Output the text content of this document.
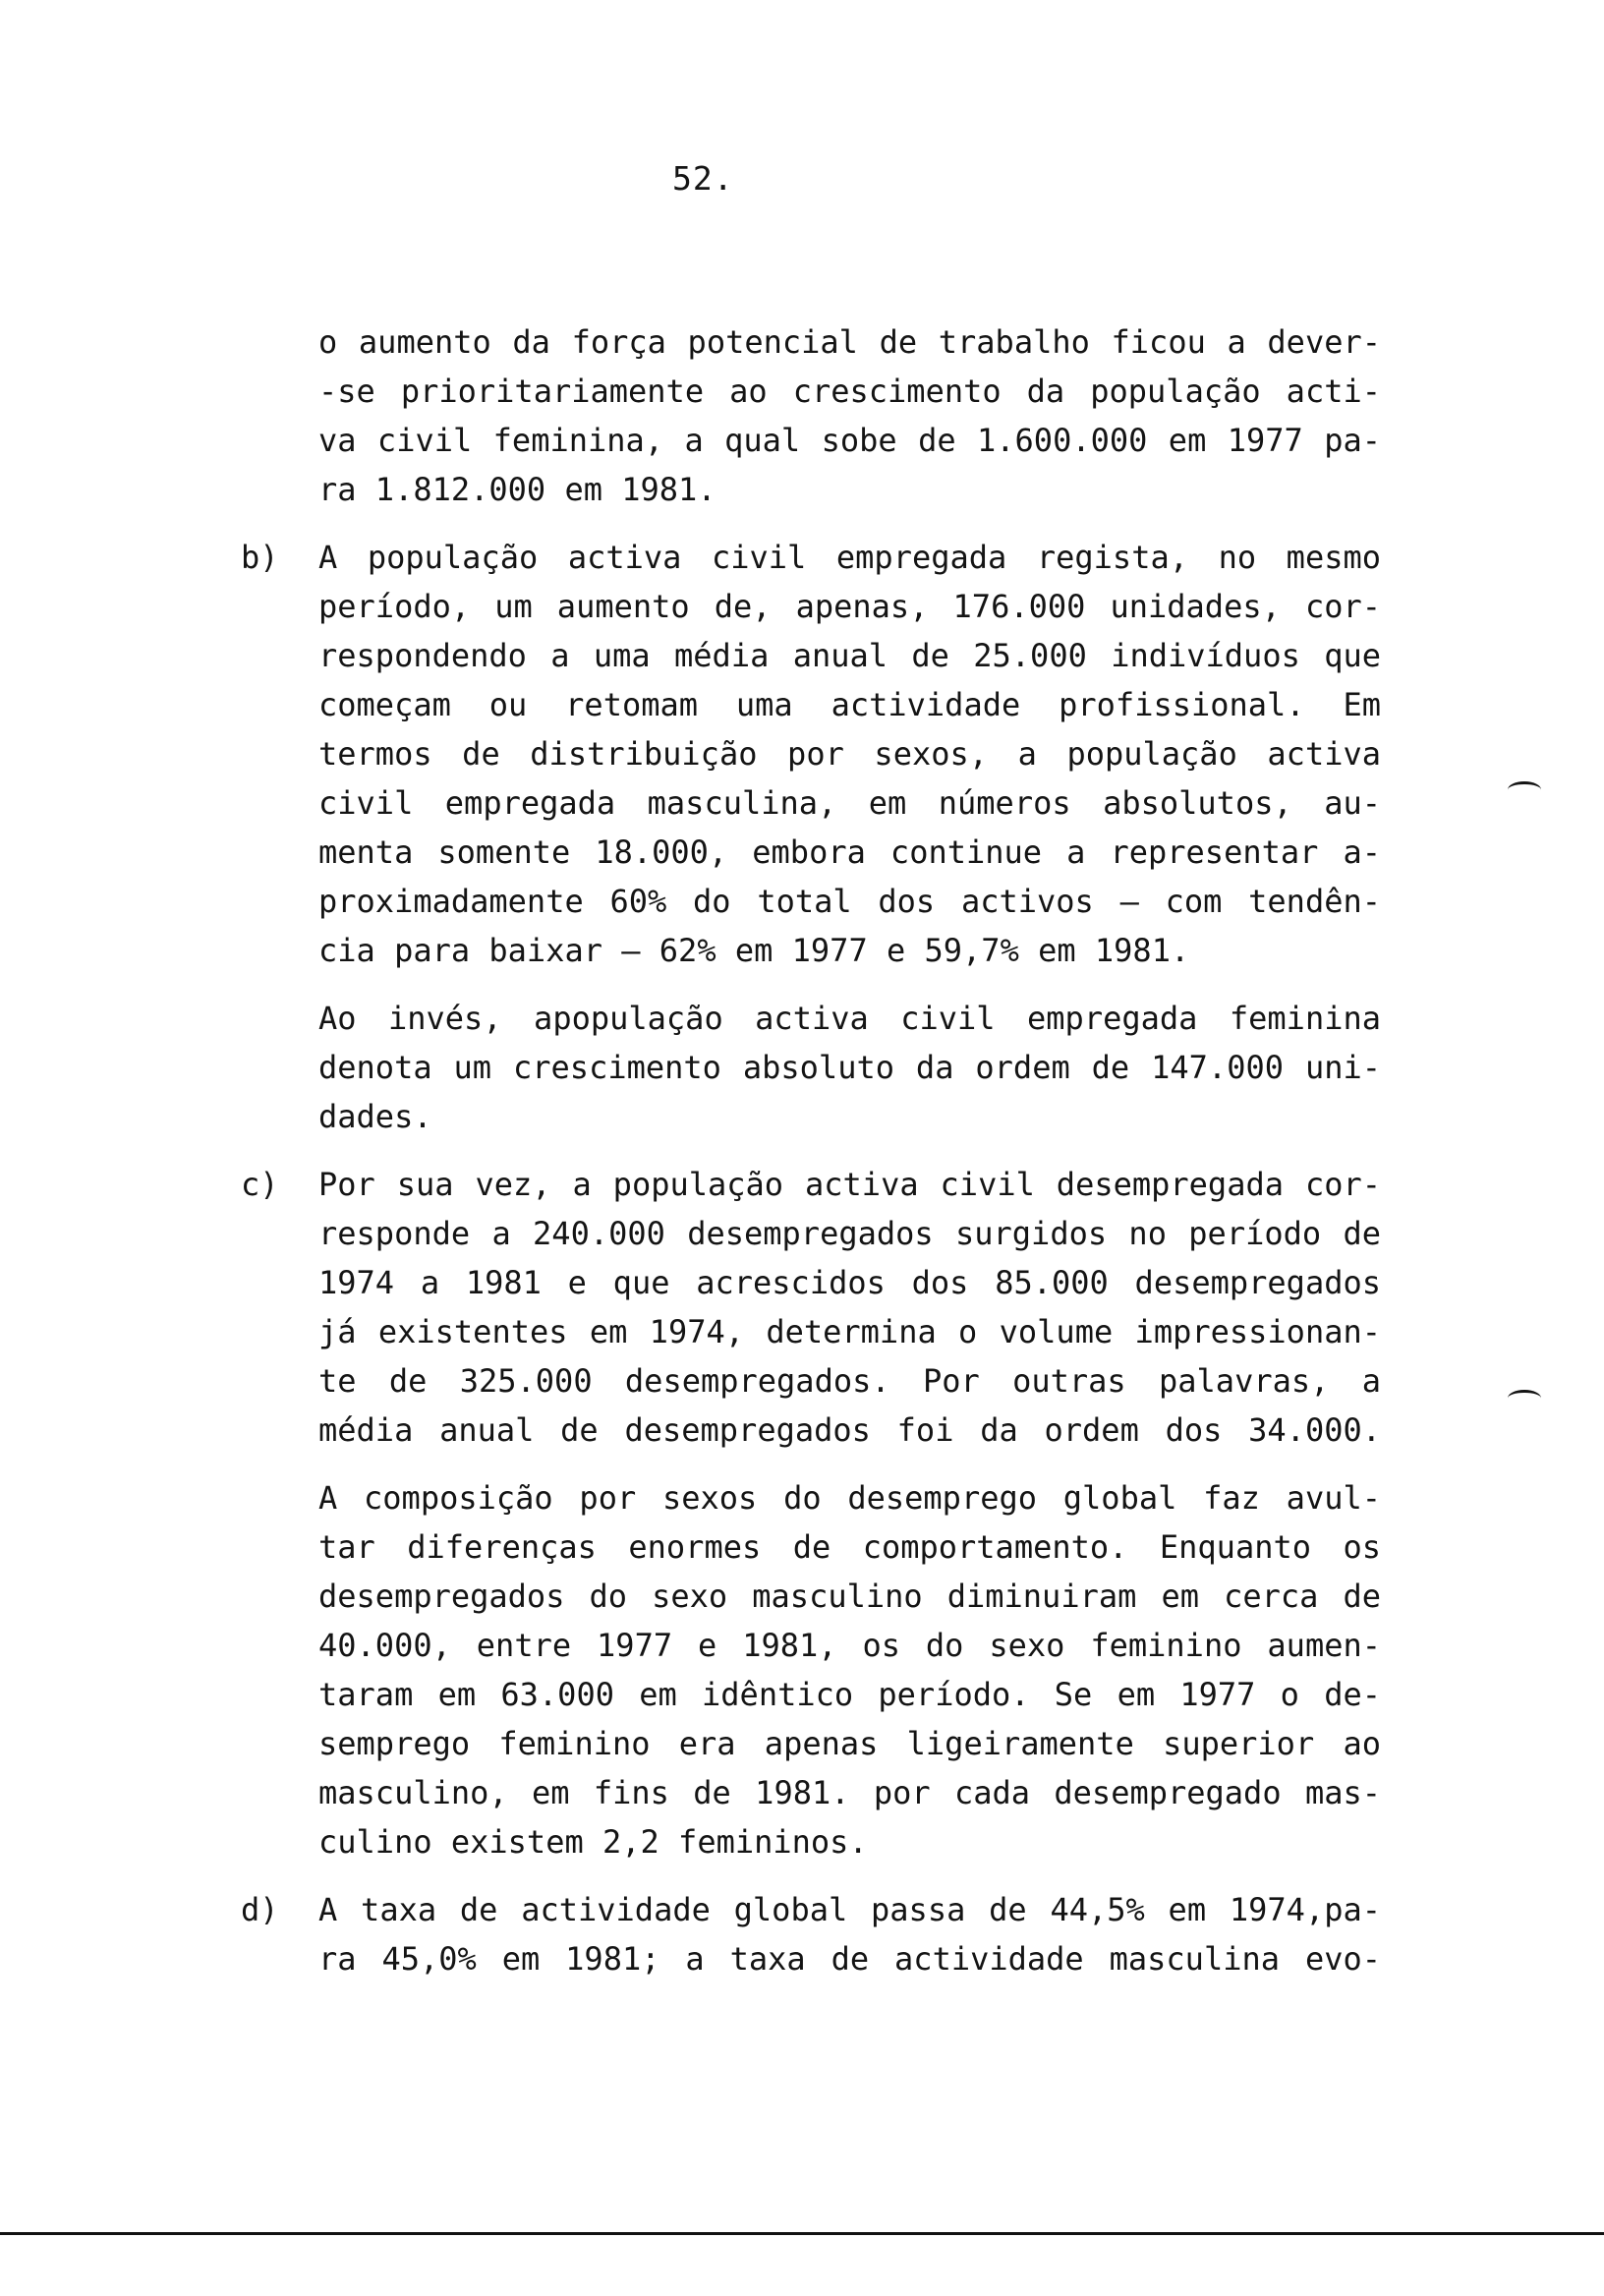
52.
o aumento da força potencial de trabalho ficou a dever-
-se prioritariamente ao crescimento da população acti-
va civil feminina, a qual sobe de 1.600.000 em 1977 pa-
ra 1.812.000 em 1981.
b) A população activa civil empregada regista, no mesmo
período, um aumento de, apenas, 176.000 unidades, cor-
respondendo a uma média anual de 25.000 indivíduos que
começam ou retomam uma actividade profissional. Em
termos de distribuição por sexos, a população activa
civil empregada masculina, em números absolutos, au-
menta somente 18.000, embora continue a representar a-
proximadamente 60% do total dos activos — com tendên-
cia para baixar — 62% em 1977 e 59,7% em 1981.
Ao invés, apopulação activa civil empregada feminina
denota um crescimento absoluto da ordem de 147.000 uni-
dades.
c) Por sua vez, a população activa civil desempregada cor-
responde a 240.000 desempregados surgidos no período de
1974 a 1981 e que acrescidos dos 85.000 desempregados
já existentes em 1974, determina o volume impressionan-
te de 325.000 desempregados. Por outras palavras, a
média anual de desempregados foi da ordem dos 34.000.
A composição por sexos do desemprego global faz avul-
tar diferenças enormes de comportamento. Enquanto os
desempregados do sexo masculino diminuiram em cerca de
40.000, entre 1977 e 1981, os do sexo feminino aumen-
taram em 63.000 em idêntico período. Se em 1977 o de-
semprego feminino era apenas ligeiramente superior ao
masculino, em fins de 1981. por cada desempregado mas-
culino existem 2,2 femininos.
d) A taxa de actividade global passa de 44,5% em 1974,pa-
ra 45,0% em 1981; a taxa de actividade masculina evo-
